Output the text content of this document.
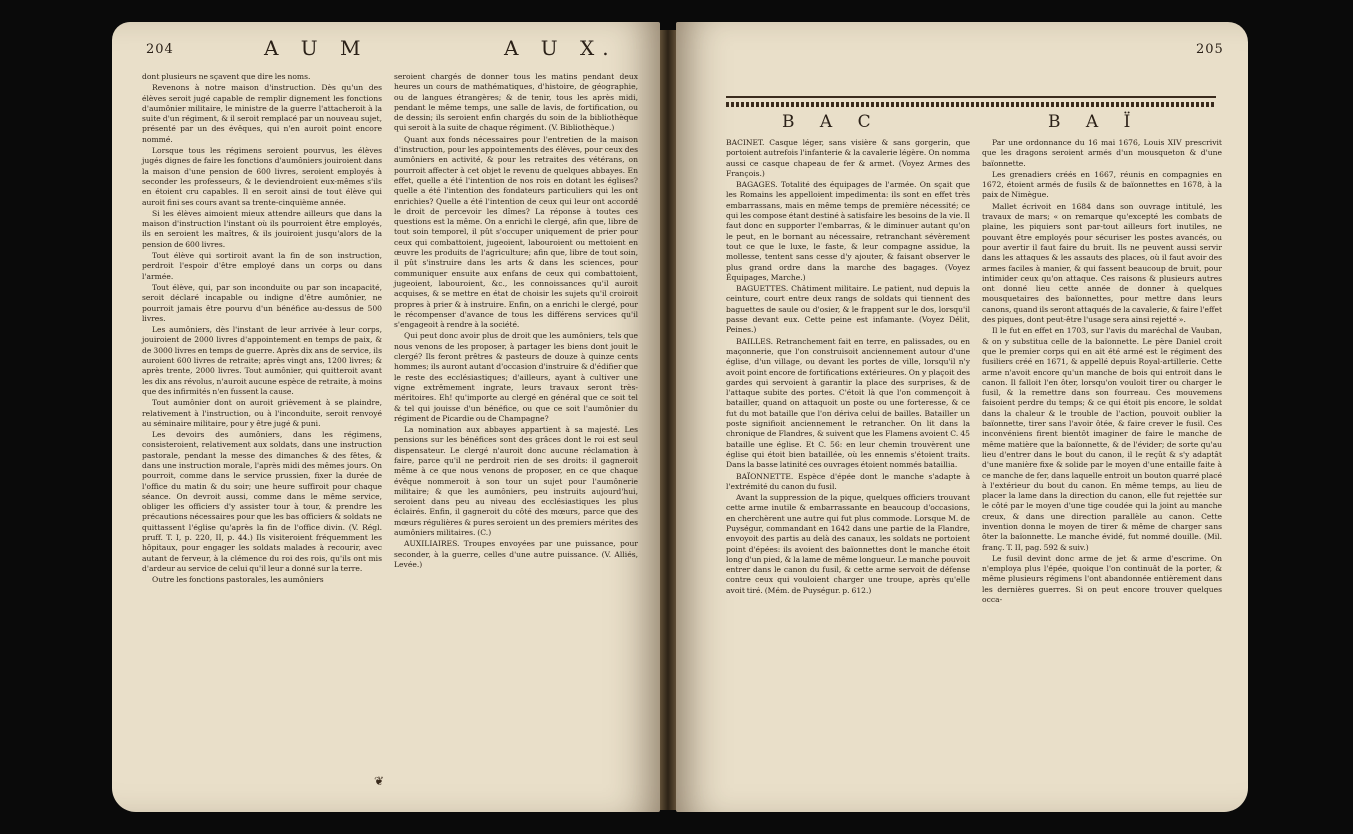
204	A U M	A U X.

dont plusieurs ne sçavent que dire les noms.

Revenons à notre maison d'instruction. Dès qu'un des élèves seroit jugé capable de remplir dignement les fonctions d'aumônier militaire, le ministre de la guerre l'attacheroit à la suite d'un régiment, & il seroit remplacé par un nouveau sujet, présenté par un des évêques, qui n'en auroit point encore nommé.

Lorsque tous les régimens seroient pourvus, les élèves jugés dignes de faire les fonctions d'aumôniers jouiroient dans la maison d'une pension de 600 livres, seroient employés à seconder les professeurs, & le deviendroient eux-mêmes s'ils en étoient cru capables. Il en seroit ainsi de tout élève qui auroit fini ses cours avant sa trente-cinquième année.

Si les élèves aimoient mieux attendre ailleurs que dans la maison d'instruction l'instant où ils pourroient être employés, ils en seroient les maîtres, & ils jouiroient jusqu'alors de la pension de 600 livres.

Tout élève qui sortiroit avant la fin de son instruction, perdroit l'espoir d'être employé dans un corps ou dans l'armée.

Tout élève, qui, par son inconduite ou par son incapacité, seroit déclaré incapable ou indigne d'être aumônier, ne pourroit jamais être pourvu d'un bénéfice au-dessus de 500 livres.

Les aumôniers, dès l'instant de leur arrivée à leur corps, jouiroient de 2000 livres d'appointement en temps de paix, & de 3000 livres en temps de guerre. Après dix ans de service, ils auroient 600 livres de retraite; après vingt ans, 1200 livres; & après trente, 2000 livres. Tout aumônier, qui quitteroit avant les dix ans révolus, n'auroit aucune espèce de retraite, à moins que des infirmités n'en fussent la cause.

Tout aumônier dont on auroit grièvement à se plaindre, relativement à l'instruction, ou à l'inconduite, seroit renvoyé au séminaire militaire, pour y être jugé & puni.

Les devoirs des aumôniers, dans les régimens, consisteroient, relativement aux soldats, dans une instruction pastorale, pendant la messe des dimanches & des fêtes, & dans une instruction morale, l'après midi des mêmes jours. On pourroit, comme dans le service prussien, fixer la durée de l'office du matin & du soir; une heure suffiroit pour chaque séance. On devroit aussi, comme dans le même service, obliger les officiers d'y assister tour à tour, & prendre les précautions nécessaires pour que les bas officiers & soldats ne quittassent l'église qu'après la fin de l'office divin. (V. Régl. pruff. T. I, p. 220, II, p. 44.) Ils visiteroient fréquemment les hôpitaux, pour engager les soldats malades à recourir, avec autant de ferveur, à la clémence du roi des rois, qu'ils ont mis d'ardeur au service de celui qu'il leur a donné sur la terre.

Outre les fonctions pastorales, les aumôniers

seroient chargés de donner tous les matins pendant deux heures un cours de mathématiques, d'histoire, de géographie, ou de langues étrangères; & de tenir, tous les après midi, pendant le même temps, une salle de lavis, de fortification, ou de dessin; ils seroient enfin chargés du soin de la bibliothèque qui seroit à la suite de chaque régiment. (V. Bibliothèque.)

Quant aux fonds nécessaires pour l'entretien de la maison d'instruction, pour les appointements des élèves, pour ceux des aumôniers en activité, & pour les retraites des vétérans, on pourroit affecter à cet objet le revenu de quelques abbayes. En effet, quelle a été l'intention de nos rois en dotant les églises? quelle a été l'intention des fondateurs particuliers qui les ont enrichies? Quelle a été l'intention de ceux qui leur ont accordé le droit de percevoir les dîmes? La réponse à toutes ces questions est la même. On a enrichi le clergé, afin que, libre de tout soin temporel, il pût s'occuper uniquement de prier pour ceux qui combattoient, jugeoient, labouroient ou mettoient en œuvre les produits de l'agriculture; afin que, libre de tout soin, il pût s'instruire dans les arts & dans les sciences, pour communiquer ensuite aux enfans de ceux qui combattoient, jugeoient, labouroient, &c., les connoissances qu'il auroit acquises, & se mettre en état de choisir les sujets qu'il croiroit propres à prier & à instruire. Enfin, on a enrichi le clergé, pour le récompenser d'avance de tous les différens services qu'il s'engageoit à rendre à la société.

Qui peut donc avoir plus de droit que les aumôniers, tels que nous venons de les proposer, à partager les biens dont jouit le clergé? Ils feront prêtres & pasteurs de douze à quinze cents hommes; ils auront autant d'occasion d'instruire & d'édifier que le reste des ecclésiastiques; d'ailleurs, ayant à cultiver une vigne extrêmement ingrate, leurs travaux seront très-méritoires. Eh! qu'importe au clergé en général que ce soit tel & tel qui jouisse d'un bénéfice, ou que ce soit l'aumônier du régiment de Picardie ou de Champagne?

La nomination aux abbayes appartient à sa majesté. Les pensions sur les bénéfices sont des grâces dont le roi est seul dispensateur. Le clergé n'auroit donc aucune réclamation à faire, parce qu'il ne perdroit rien de ses droits: il gagneroit même à ce que nous venons de proposer, en ce que chaque évêque nommeroit à son tour un sujet pour l'aumônerie militaire; & que les aumôniers, peu instruits aujourd'hui, seroient dans peu au niveau des ecclésiastiques les plus éclairés. Enfin, il gagneroit du côté des mœurs, parce que des mœurs régulières & pures seroient un des premiers mérites des aumôniers militaires. (C.)

AUXILIAIRES. Troupes envoyées par une puissance, pour seconder, à la guerre, celles d'une autre puissance. (V. Alliés, Levée.)

❦
205
B A C	B A Ï

BACINET. Casque léger, sans visière & sans gorgerin, que portoient autrefois l'infanterie & la cavalerie légère. On nomma aussi ce casque chapeau de fer & armet. (Voyez Armes des François.)

BAGAGES. Totalité des équipages de l'armée. On sçait que les Romains les appelloient impedimenta: ils sont en effet très embarrassans, mais en même temps de première nécessité; ce qui les compose étant destiné à satisfaire les besoins de la vie. Il faut donc en supporter l'embarras, & le diminuer autant qu'on le peut, en le bornant au nécessaire, retranchant sévèrement tout ce que le luxe, le faste, & leur compagne assidue, la mollesse, tentent sans cesse d'y ajouter, & faisant observer le plus grand ordre dans la marche des bagages. (Voyez Équipages, Marche.)

BAGUETTES. Châtiment militaire. Le patient, nud depuis la ceinture, court entre deux rangs de soldats qui tiennent des baguettes de saule ou d'osier, & le frappent sur le dos, lorsqu'il passe devant eux. Cette peine est infamante. (Voyez Délit, Peines.)

BAILLES. Retranchement fait en terre, en palissades, ou en maçonnerie, que l'on construisoit anciennement autour d'une église, d'un village, ou devant les portes de ville, lorsqu'il n'y avoit point encore de fortifications extérieures. On y plaçoit des gardes qui servoient à garantir la place des surprises, & de l'attaque subite des portes. C'étoit là que l'on commençoit à batailler, quand on attaquoit un poste ou une forteresse, & ce fut du mot bataille que l'on dériva celui de bailles. Batailler un poste signifioit anciennement le retrancher. On lit dans la chronique de Flandres, & suivent que les Flamens avoient C. 45 bataille une église. Et C. 56: en leur chemin trouvèrent une église qui étoit bien bataillée, où les ennemis s'étoient traits. Dans la basse latinité ces ouvrages étoient nommés bataillia.

BAÏONNETTE. Espèce d'épée dont le manche s'adapte à l'extrémité du canon du fusil.

Avant la suppression de la pique, quelques officiers trouvant cette arme inutile & embarrassante en beaucoup d'occasions, en cherchèrent une autre qui fut plus commode. Lorsque M. de Puységur, commandant en 1642 dans une partie de la Flandre, envoyoit des partis au delà des canaux, les soldats ne portoient point d'épées: ils avoient des baïonnettes dont le manche étoit long d'un pied, & la lame de même longueur. Le manche pouvoit entrer dans le canon du fusil, & cette arme servoit de défense contre ceux qui vouloient charger une troupe, après qu'elle avoit tiré. (Mém. de Puységur. p. 612.)

Par une ordonnance du 16 mai 1676, Louis XIV prescrivit que les dragons seroient armés d'un mousqueton & d'une baïonnette.

Les grenadiers créés en 1667, réunis en compagnies en 1672, étoient armés de fusils & de baïonnettes en 1678, à la paix de Nimègue.

Mallet écrivoit en 1684 dans son ouvrage intitulé, les travaux de mars; « on remarque qu'excepté les combats de plaine, les piquiers sont par-tout ailleurs fort inutiles, ne pouvant être employés pour sécuriser les postes avancés, ou pour avertir il faut faire du bruit. Ils ne peuvent aussi servir dans les attaques & les assauts des places, où il faut avoir des armes faciles à manier, & qui fassent beaucoup de bruit, pour intimider ceux qu'on attaque. Ces raisons & plusieurs autres ont donné lieu cette année de donner à quelques mousquetaires des baïonnettes, pour mettre dans leurs canons, quand ils seront attaqués de la cavalerie, & faire l'effet des piques, dont peut-être l'usage sera ainsi rejetté ».

Il le fut en effet en 1703, sur l'avis du maréchal de Vauban, & on y substitua celle de la baïonnette. Le père Daniel croit que le premier corps qui en ait été armé est le régiment des fusiliers créé en 1671, & appellé depuis Royal-artillerie. Cette arme n'avoit encore qu'un manche de bois qui entroit dans le canon. Il falloit l'en ôter, lorsqu'on vouloit tirer ou charger le fusil, & la remettre dans son fourreau. Ces mouvemens faisoient perdre du temps; & ce qui étoit pis encore, le soldat dans la chaleur & le trouble de l'action, pouvoit oublier la baïonnette, tirer sans l'avoir ôtée, & faire crever le fusil. Ces inconvéniens firent bientôt imaginer de faire le manche de même matière que la baïonnette, & de l'évider; de sorte qu'au lieu d'entrer dans le bout du canon, il le reçût & s'y adaptât d'une manière fixe & solide par le moyen d'une entaille faite à ce manche de fer, dans laquelle entroit un bouton quarré placé à l'extérieur du bout du canon. En même temps, au lieu de placer la lame dans la direction du canon, elle fut rejettée sur le côté par le moyen d'une tige coudée qui la joint au manche creux, & dans une direction parallèle au canon. Cette invention donna le moyen de tirer & même de charger sans ôter la baïonnette. Le manche évidé, fut nommé douille. (Mil. franç. T. II, pag. 592 & suiv.)

Le fusil devint donc arme de jet & arme d'escrime. On n'employa plus l'épée, quoique l'on continuât de la porter, & même plusieurs régimens l'ont abandonnée entièrement dans les dernières guerres. Si on peut encore trouver quelques occa-
